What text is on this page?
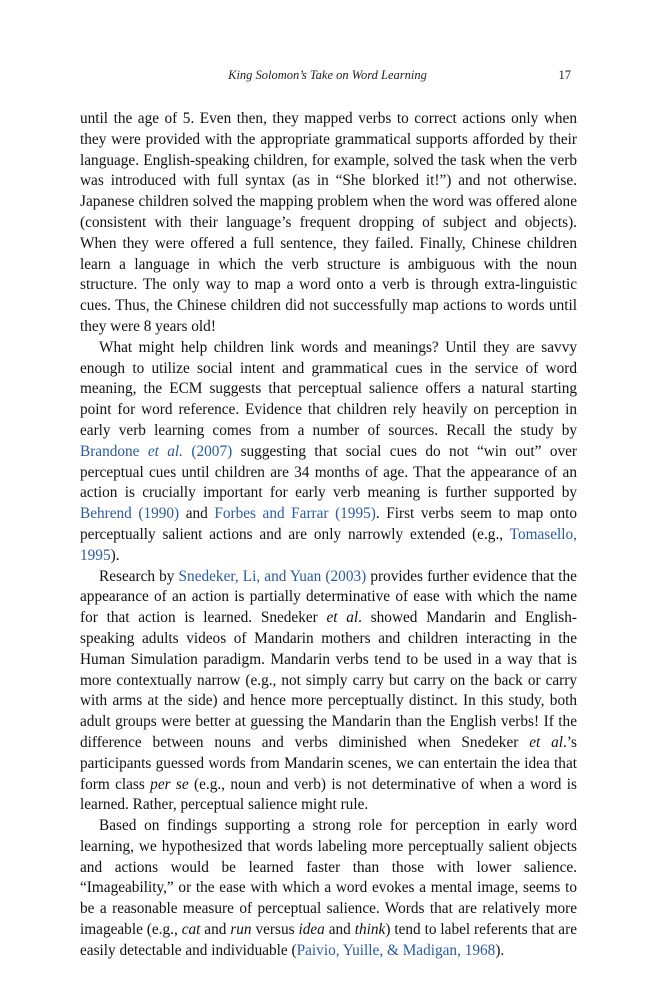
King Solomon’s Take on Word Learning	17

until the age of 5. Even then, they mapped verbs to correct actions only when they were provided with the appropriate grammatical supports afforded by their language. English-speaking children, for example, solved the task when the verb was introduced with full syntax (as in “She blorked it!”) and not otherwise. Japanese children solved the mapping problem when the word was offered alone (consistent with their language’s frequent dropping of subject and objects). When they were offered a full sentence, they failed. Finally, Chinese children learn a language in which the verb structure is ambiguous with the noun structure. The only way to map a word onto a verb is through extra-linguistic cues. Thus, the Chinese children did not successfully map actions to words until they were 8 years old!

What might help children link words and meanings? Until they are savvy enough to utilize social intent and grammatical cues in the service of word meaning, the ECM suggests that perceptual salience offers a natural starting point for word reference. Evidence that children rely heavily on perception in early verb learning comes from a number of sources. Recall the study by Brandone et al. (2007) suggesting that social cues do not “win out” over perceptual cues until children are 34 months of age. That the appearance of an action is crucially important for early verb meaning is further supported by Behrend (1990) and Forbes and Farrar (1995). First verbs seem to map onto perceptually salient actions and are only narrowly extended (e.g., Tomasello, 1995).

Research by Snedeker, Li, and Yuan (2003) provides further evidence that the appearance of an action is partially determinative of ease with which the name for that action is learned. Snedeker et al. showed Mandarin and English-speaking adults videos of Mandarin mothers and children interacting in the Human Simulation paradigm. Mandarin verbs tend to be used in a way that is more contextually narrow (e.g., not simply carry but carry on the back or carry with arms at the side) and hence more perceptually distinct. In this study, both adult groups were better at guessing the Mandarin than the English verbs! If the difference between nouns and verbs diminished when Snedeker et al.’s participants guessed words from Mandarin scenes, we can entertain the idea that form class per se (e.g., noun and verb) is not determinative of when a word is learned. Rather, perceptual salience might rule.

Based on findings supporting a strong role for perception in early word learning, we hypothesized that words labeling more perceptually salient objects and actions would be learned faster than those with lower salience. “Imageability,” or the ease with which a word evokes a mental image, seems to be a reasonable measure of perceptual salience. Words that are relatively more imageable (e.g., cat and run versus idea and think) tend to label referents that are easily detectable and individuable (Paivio, Yuille, & Madigan, 1968).
